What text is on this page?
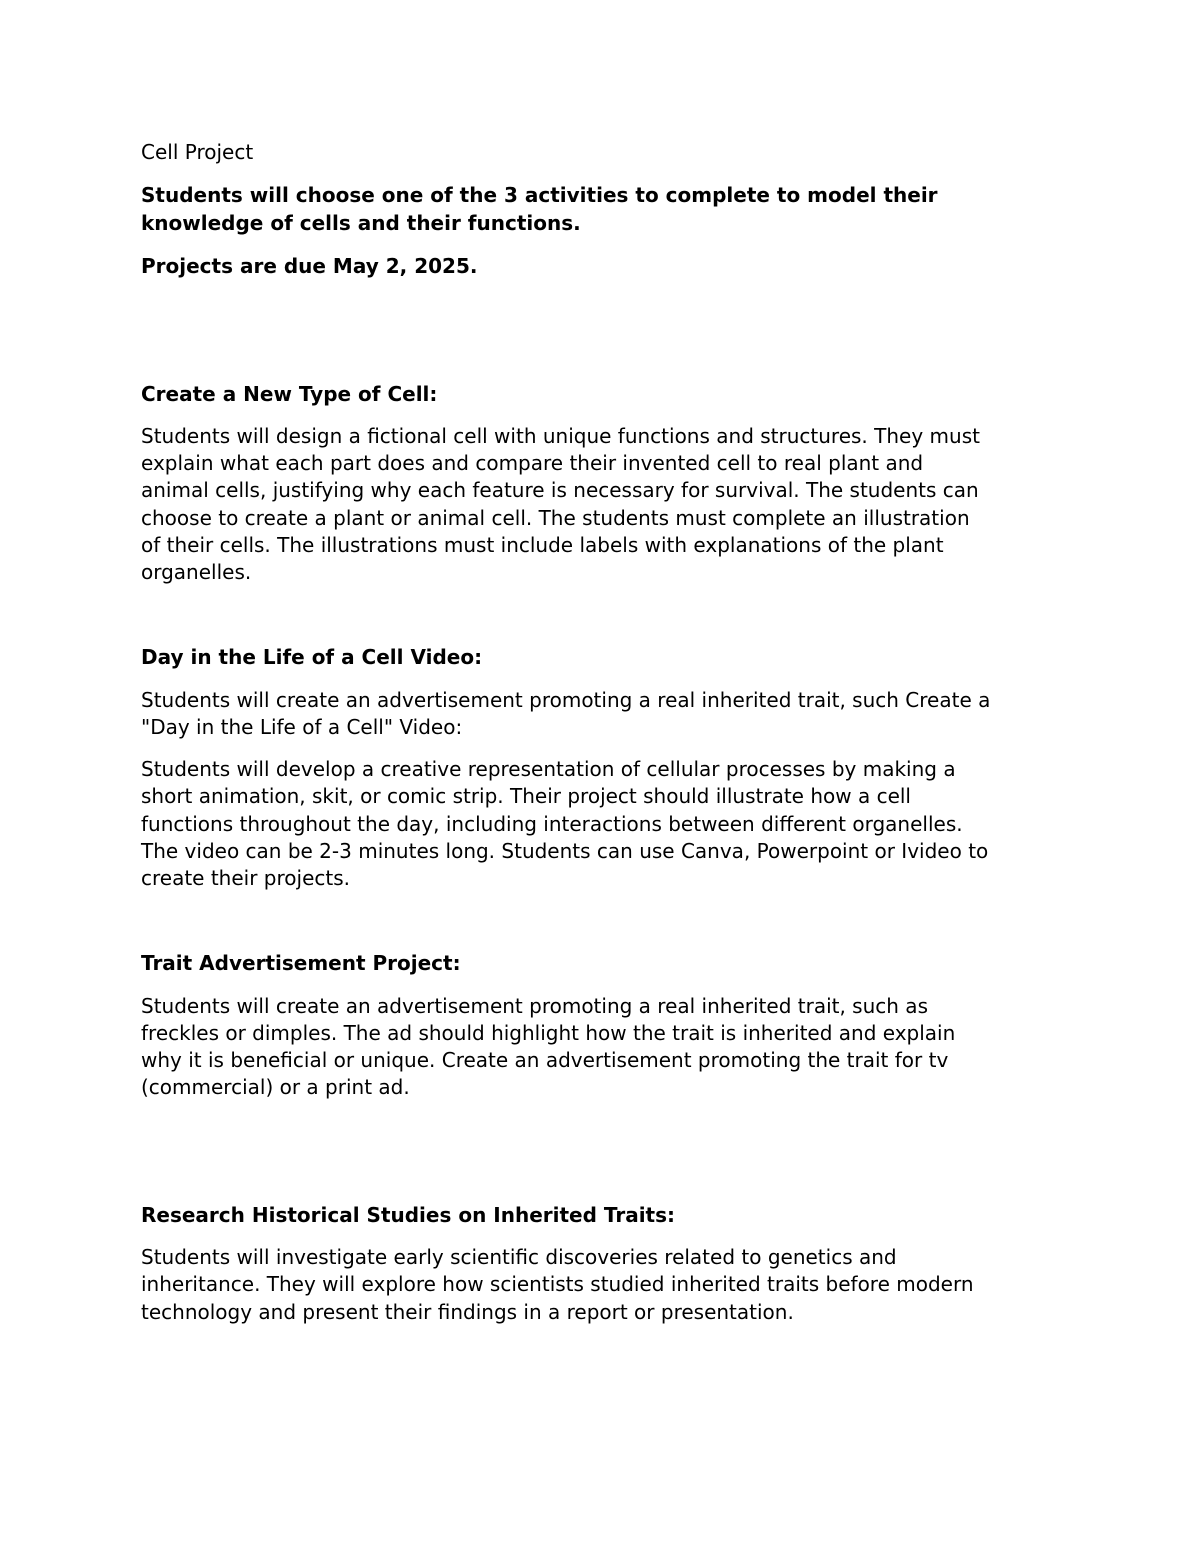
Cell Project
Students will choose one of the 3 activities to complete to model their
knowledge of cells and their functions.
Projects are due May 2, 2025.
Create a New Type of Cell:
Students will design a fictional cell with unique functions and structures. They must
explain what each part does and compare their invented cell to real plant and
animal cells, justifying why each feature is necessary for survival. The students can
choose to create a plant or animal cell. The students must complete an illustration
of their cells. The illustrations must include labels with explanations of the plant
organelles.
Day in the Life of a Cell Video:
Students will create an advertisement promoting a real inherited trait, such Create a
"Day in the Life of a Cell" Video:
Students will develop a creative representation of cellular processes by making a
short animation, skit, or comic strip. Their project should illustrate how a cell
functions throughout the day, including interactions between different organelles.
The video can be 2-3 minutes long. Students can use Canva, Powerpoint or Ivideo to
create their projects.
Trait Advertisement Project:
Students will create an advertisement promoting a real inherited trait, such as
freckles or dimples. The ad should highlight how the trait is inherited and explain
why it is beneficial or unique. Create an advertisement promoting the trait for tv
(commercial) or a print ad.
Research Historical Studies on Inherited Traits:
Students will investigate early scientific discoveries related to genetics and
inheritance. They will explore how scientists studied inherited traits before modern
technology and present their findings in a report or presentation.
